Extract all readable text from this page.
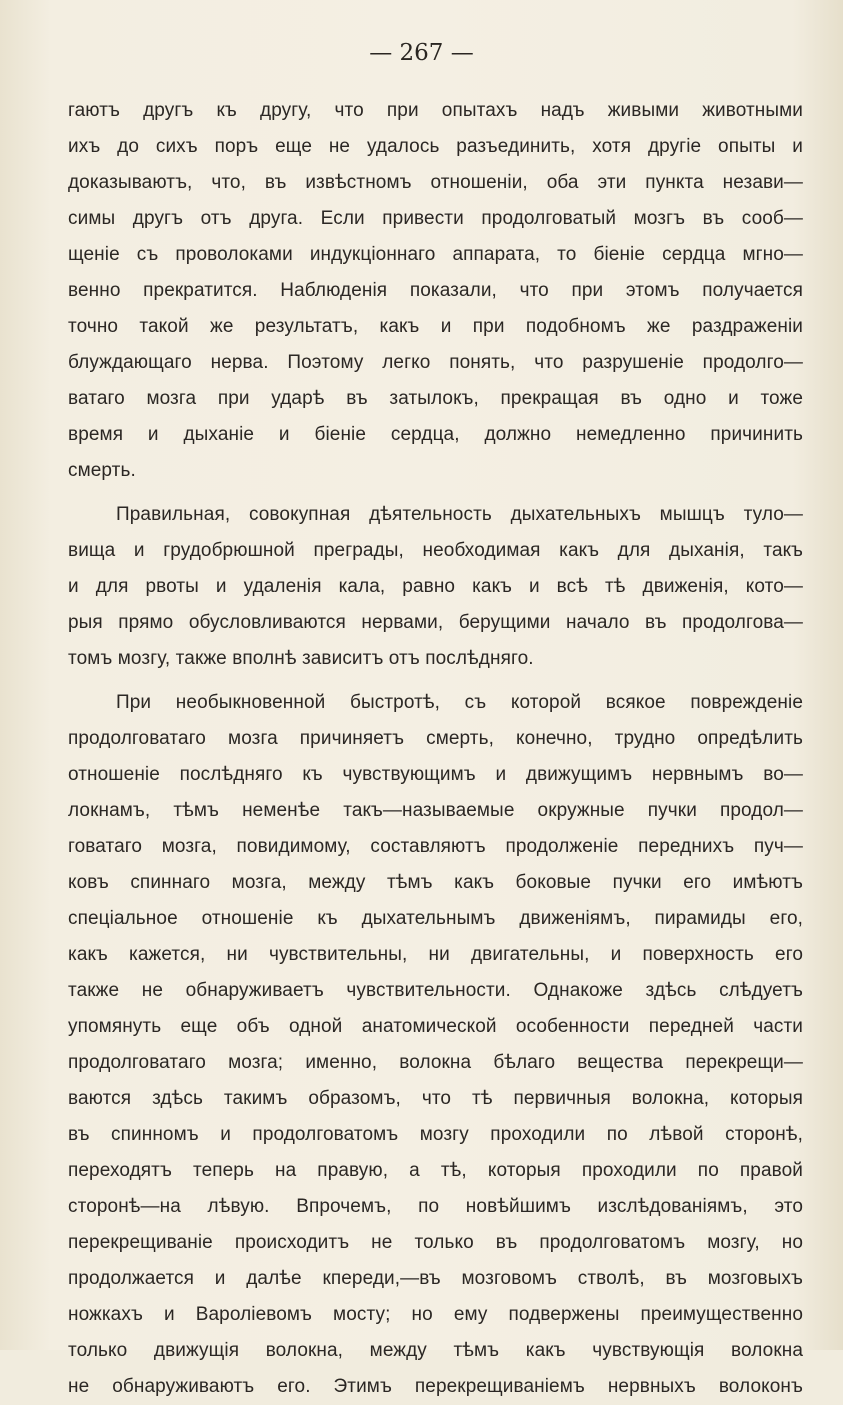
— 267 —
гаютъ другъ къ другу, что при опытахъ надъ живыми животными
ихъ до сихъ поръ еще не удалось разъединить, хотя другіе опыты и
доказываютъ, что, въ извѣстномъ отношеніи, оба эти пункта незави—
симы другъ отъ друга. Если привести продолговатый мозгъ въ сооб—
щеніе съ проволоками индукціоннаго аппарата, то біеніе сердца мгно—
венно прекратится. Наблюденія показали, что при этомъ получается
точно такой же результатъ, какъ и при подобномъ же раздраженіи
блуждающаго нерва. Поэтому легко понять, что разрушеніе продолго—
ватаго мозга при ударѣ въ затылокъ, прекращая въ одно и тоже
время и дыханіе и біеніе сердца, должно немедленно причинить
смерть.
Правильная, совокупная дѣятельность дыхательныхъ мышцъ туло—
вища и грудобрюшной преграды, необходимая какъ для дыханія, такъ
и для рвоты и удаленія кала, равно какъ и всѣ тѣ движенія, кото—
рыя прямо обусловливаются нервами, берущими начало въ продолгова—
томъ мозгу, также вполнѣ зависитъ отъ послѣдняго.
При необыкновенной быстротѣ, съ которой всякое поврежденіе
продолговатаго мозга причиняетъ смерть, конечно, трудно опредѣлить
отношеніе послѣдняго къ чувствующимъ и движущимъ нервнымъ во—
локнамъ, тѣмъ неменѣе такъ—называемые окружные пучки продол—
говатаго мозга, повидимому, составляютъ продолженіе переднихъ пуч—
ковъ спиннаго мозга, между тѣмъ какъ боковые пучки его имѣютъ
спеціальное отношеніе къ дыхательнымъ движеніямъ, пирамиды его,
какъ кажется, ни чувствительны, ни двигательны, и поверхность его
также не обнаруживаетъ чувствительности. Однакоже здѣсь слѣдуетъ
упомянуть еще объ одной анатомической особенности передней части
продолговатаго мозга; именно, волокна бѣлаго вещества перекрещи—
ваются здѣсь такимъ образомъ, что тѣ первичныя волокна, которыя
въ спинномъ и продолговатомъ мозгу проходили по лѣвой сторонѣ,
переходятъ теперь на правую, а тѣ, которыя проходили по правой
сторонѣ—на лѣвую. Впрочемъ, по новѣйшимъ изслѣдованіямъ, это
перекрещиваніе происходитъ не только въ продолговатомъ мозгу, но
продолжается и далѣе кпереди,—въ мозговомъ стволѣ, въ мозговыхъ
ножкахъ и Вароліевомъ мосту; но ему подвержены преимущественно
только движущія волокна, между тѣмъ какъ чувствующія волокна
не обнаруживаютъ его. Этимъ перекрещиваніемъ нервныхъ волоконъ
